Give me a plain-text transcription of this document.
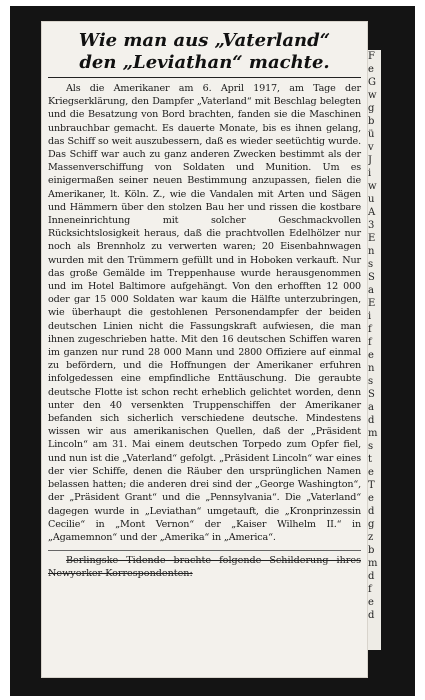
F
e
G
w
g
b
ü
v
J
i
w
u
A
3
E
n
s
S
a
E
i
f
f
e
n
s
S
a
d
m
s
t
e
T
e
d
g
z
b
m
d
f
e
d
Wie man aus „Vaterland“
den „Leviathan“ machte.

Als die Amerikaner am 6. April 1917, am Tage der Kriegserklärung, den Dampfer „Vaterland“ mit Beschlag belegten und die Besatzung von Bord brachten, fanden sie die Maschinen unbrauchbar gemacht. Es dauerte Monate, bis es ihnen gelang, das Schiff so weit auszubessern, daß es wieder seetüchtig wurde. Das Schiff war auch zu ganz anderen Zwecken bestimmt als der Massenverschiffung von Soldaten und Munition. Um es einigermaßen seiner neuen Bestimmung anzupassen, fielen die Amerikaner, lt. Köln. Z., wie die Vandalen mit Arten und Sägen und Hämmern über den stolzen Bau her und rissen die kostbare Inneneinrichtung mit solcher Geschmackvollen Rücksichtslosigkeit heraus, daß die prachtvollen Edelhölzer nur noch als Brennholz zu verwerten waren; 20 Eisenbahnwagen wurden mit den Trümmern gefüllt und in Hoboken verkauft. Nur das große Gemälde im Treppenhause wurde herausgenommen und im Hotel Baltimore aufgehängt. Von den erhofften 12 000 oder gar 15 000 Soldaten war kaum die Hälfte unterzubringen, wie überhaupt die gestohlenen Personendampfer der beiden deutschen Linien nicht die Fassungskraft aufwiesen, die man ihnen zugeschrieben hatte. Mit den 16 deutschen Schiffen waren im ganzen nur rund 28 000 Mann und 2800 Offiziere auf einmal zu befördern, und die Hoffnungen der Amerikaner erfuhren infolgedessen eine empfindliche Enttäuschung. Die geraubte deutsche Flotte ist schon recht erheblich gelichtet worden, denn unter den 40 versenkten Truppenschiffen der Amerikaner befanden sich sicherlich verschiedene deutsche. Mindestens wissen wir aus amerikanischen Quellen, daß der „Präsident Lincoln“ am 31. Mai einem deutschen Torpedo zum Opfer fiel, und nun ist die „Vaterland“ gefolgt. „Präsident Lincoln“ war eines der vier Schiffe, denen die Räuber den ursprünglichen Namen belassen hatten; die anderen drei sind der „George Washington“, der „Präsident Grant“ und die „Pennsylvania“. Die „Vaterland“ dagegen wurde in „Leviathan“ umgetauft, die „Kronprinzessin Cecilie“ in „Mont Vernon“ der „Kaiser Wilhelm II.“ in „Agamemnon“ und der „Amerika“ in „America“.

Berlingske Tidende brachte folgende Schilderung ihres Newyorker Korrespondenten:
